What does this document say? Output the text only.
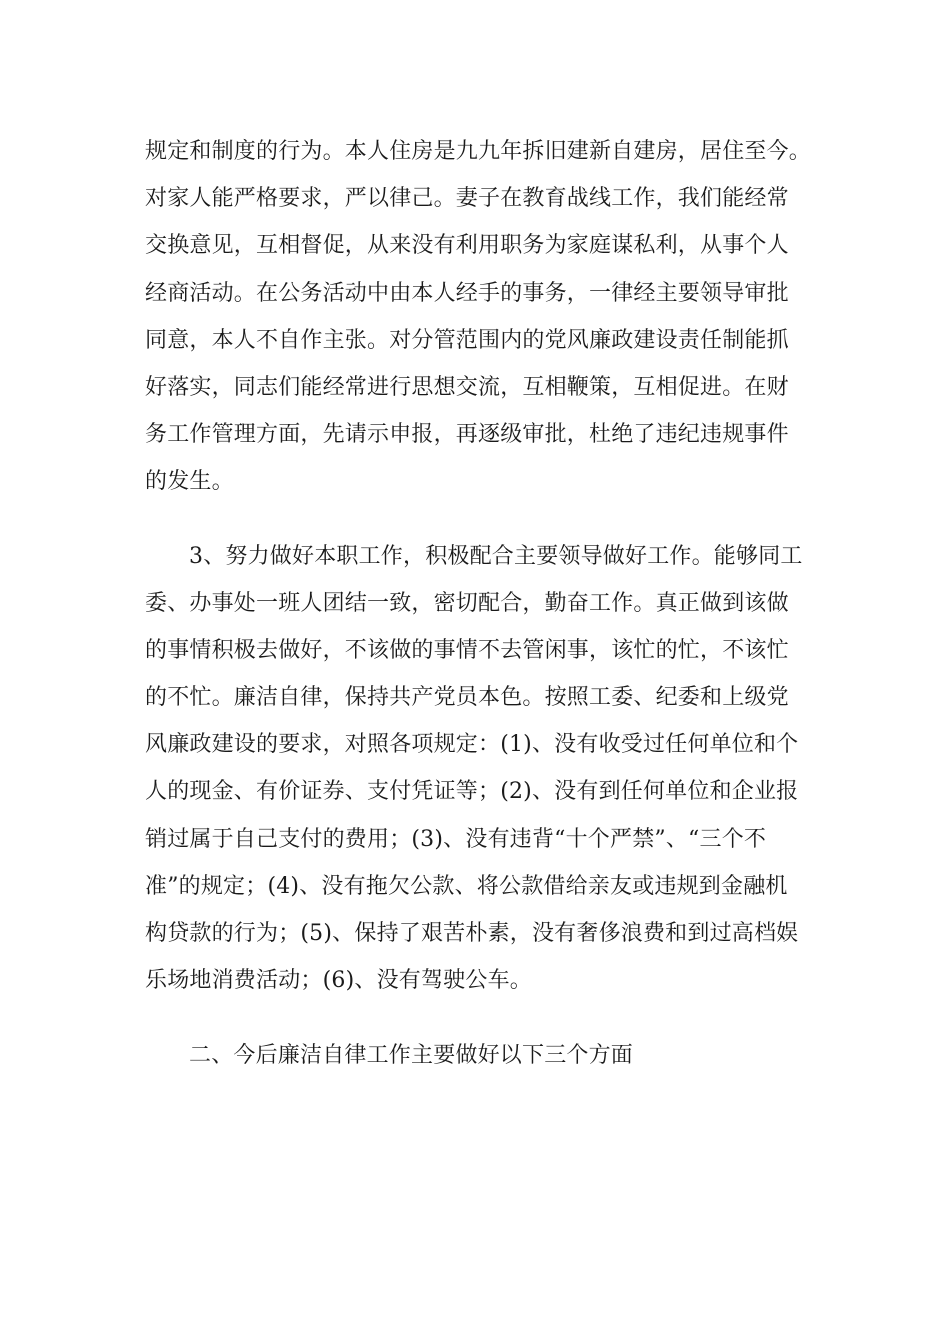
规定和制度的行为。本人住房是九九年拆旧建新自建房，居住至今。
对家人能严格要求，严以律己。妻子在教育战线工作，我们能经常
交换意见，互相督促，从来没有利用职务为家庭谋私利，从事个人
经商活动。在公务活动中由本人经手的事务，一律经主要领导审批
同意，本人不自作主张。对分管范围内的党风廉政建设责任制能抓
好落实，同志们能经常进行思想交流，互相鞭策，互相促进。在财
务工作管理方面，先请示申报，再逐级审批，杜绝了违纪违规事件
的发生。
3、努力做好本职工作，积极配合主要领导做好工作。能够同工
委、办事处一班人团结一致，密切配合，勤奋工作。真正做到该做
的事情积极去做好，不该做的事情不去管闲事，该忙的忙，不该忙
的不忙。廉洁自律，保持共产党员本色。按照工委、纪委和上级党
风廉政建设的要求，对照各项规定：(1)、没有收受过任何单位和个
人的现金、有价证券、支付凭证等；(2)、没有到任何单位和企业报
销过属于自己支付的费用；(3)、没有违背“十个严禁”、“三个不
准”的规定；(4)、没有拖欠公款、将公款借给亲友或违规到金融机
构贷款的行为；(5)、保持了艰苦朴素，没有奢侈浪费和到过高档娱
乐场地消费活动；(6)、没有驾驶公车。
二、今后廉洁自律工作主要做好以下三个方面
